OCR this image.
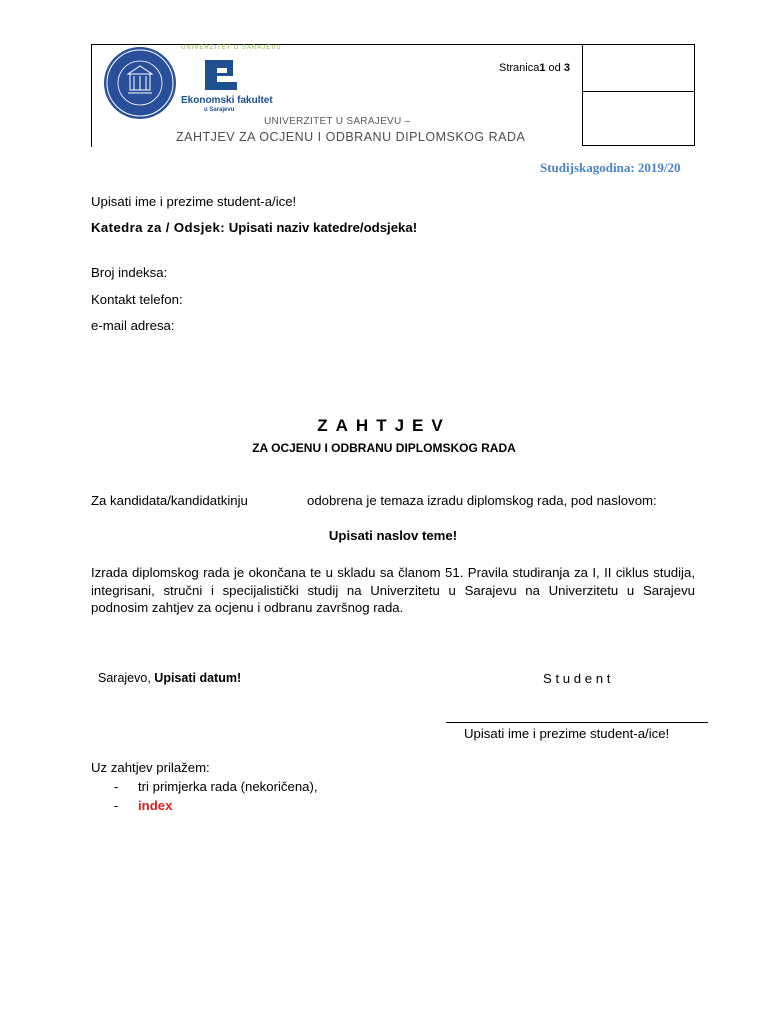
Stranica1 od 3
UNIVERZITET U SARAJEVU
Ekonomski fakultet
u Sarajevu
UNIVERZITET U SARAJEVU –
ZAHTJEV ZA OCJENU I ODBRANU DIPLOMSKOG RADA
Studijskagodina: 2019/20
Upisati ime i prezime student-a/ice!
Katedra za / Odsjek: Upisati naziv katedre/odsjeka!
Broj indeksa:
Kontakt telefon:
e-mail adresa:
ZAHTJEV
ZA OCJENU I ODBRANU DIPLOMSKOG RADA
Za kandidata/kandidatkinju	odobrena je temaza izradu diplomskog rada, pod naslovom:
Upisati naslov teme!
Izrada diplomskog rada je okončana te u skladu sa članom 51. Pravila studiranja za I, II ciklus studija, integrisani, stručni i specijalistički studij na Univerzitetu u Sarajevu na Univerzitetu u Sarajevu podnosim zahtjev za ocjenu i odbranu završnog rada.
Sarajevo, Upisati datum!	S t u d e n t
Upisati ime i prezime student-a/ice!
Uz zahtjev prilažem:
- tri primjerka rada (nekoričena),
- index
